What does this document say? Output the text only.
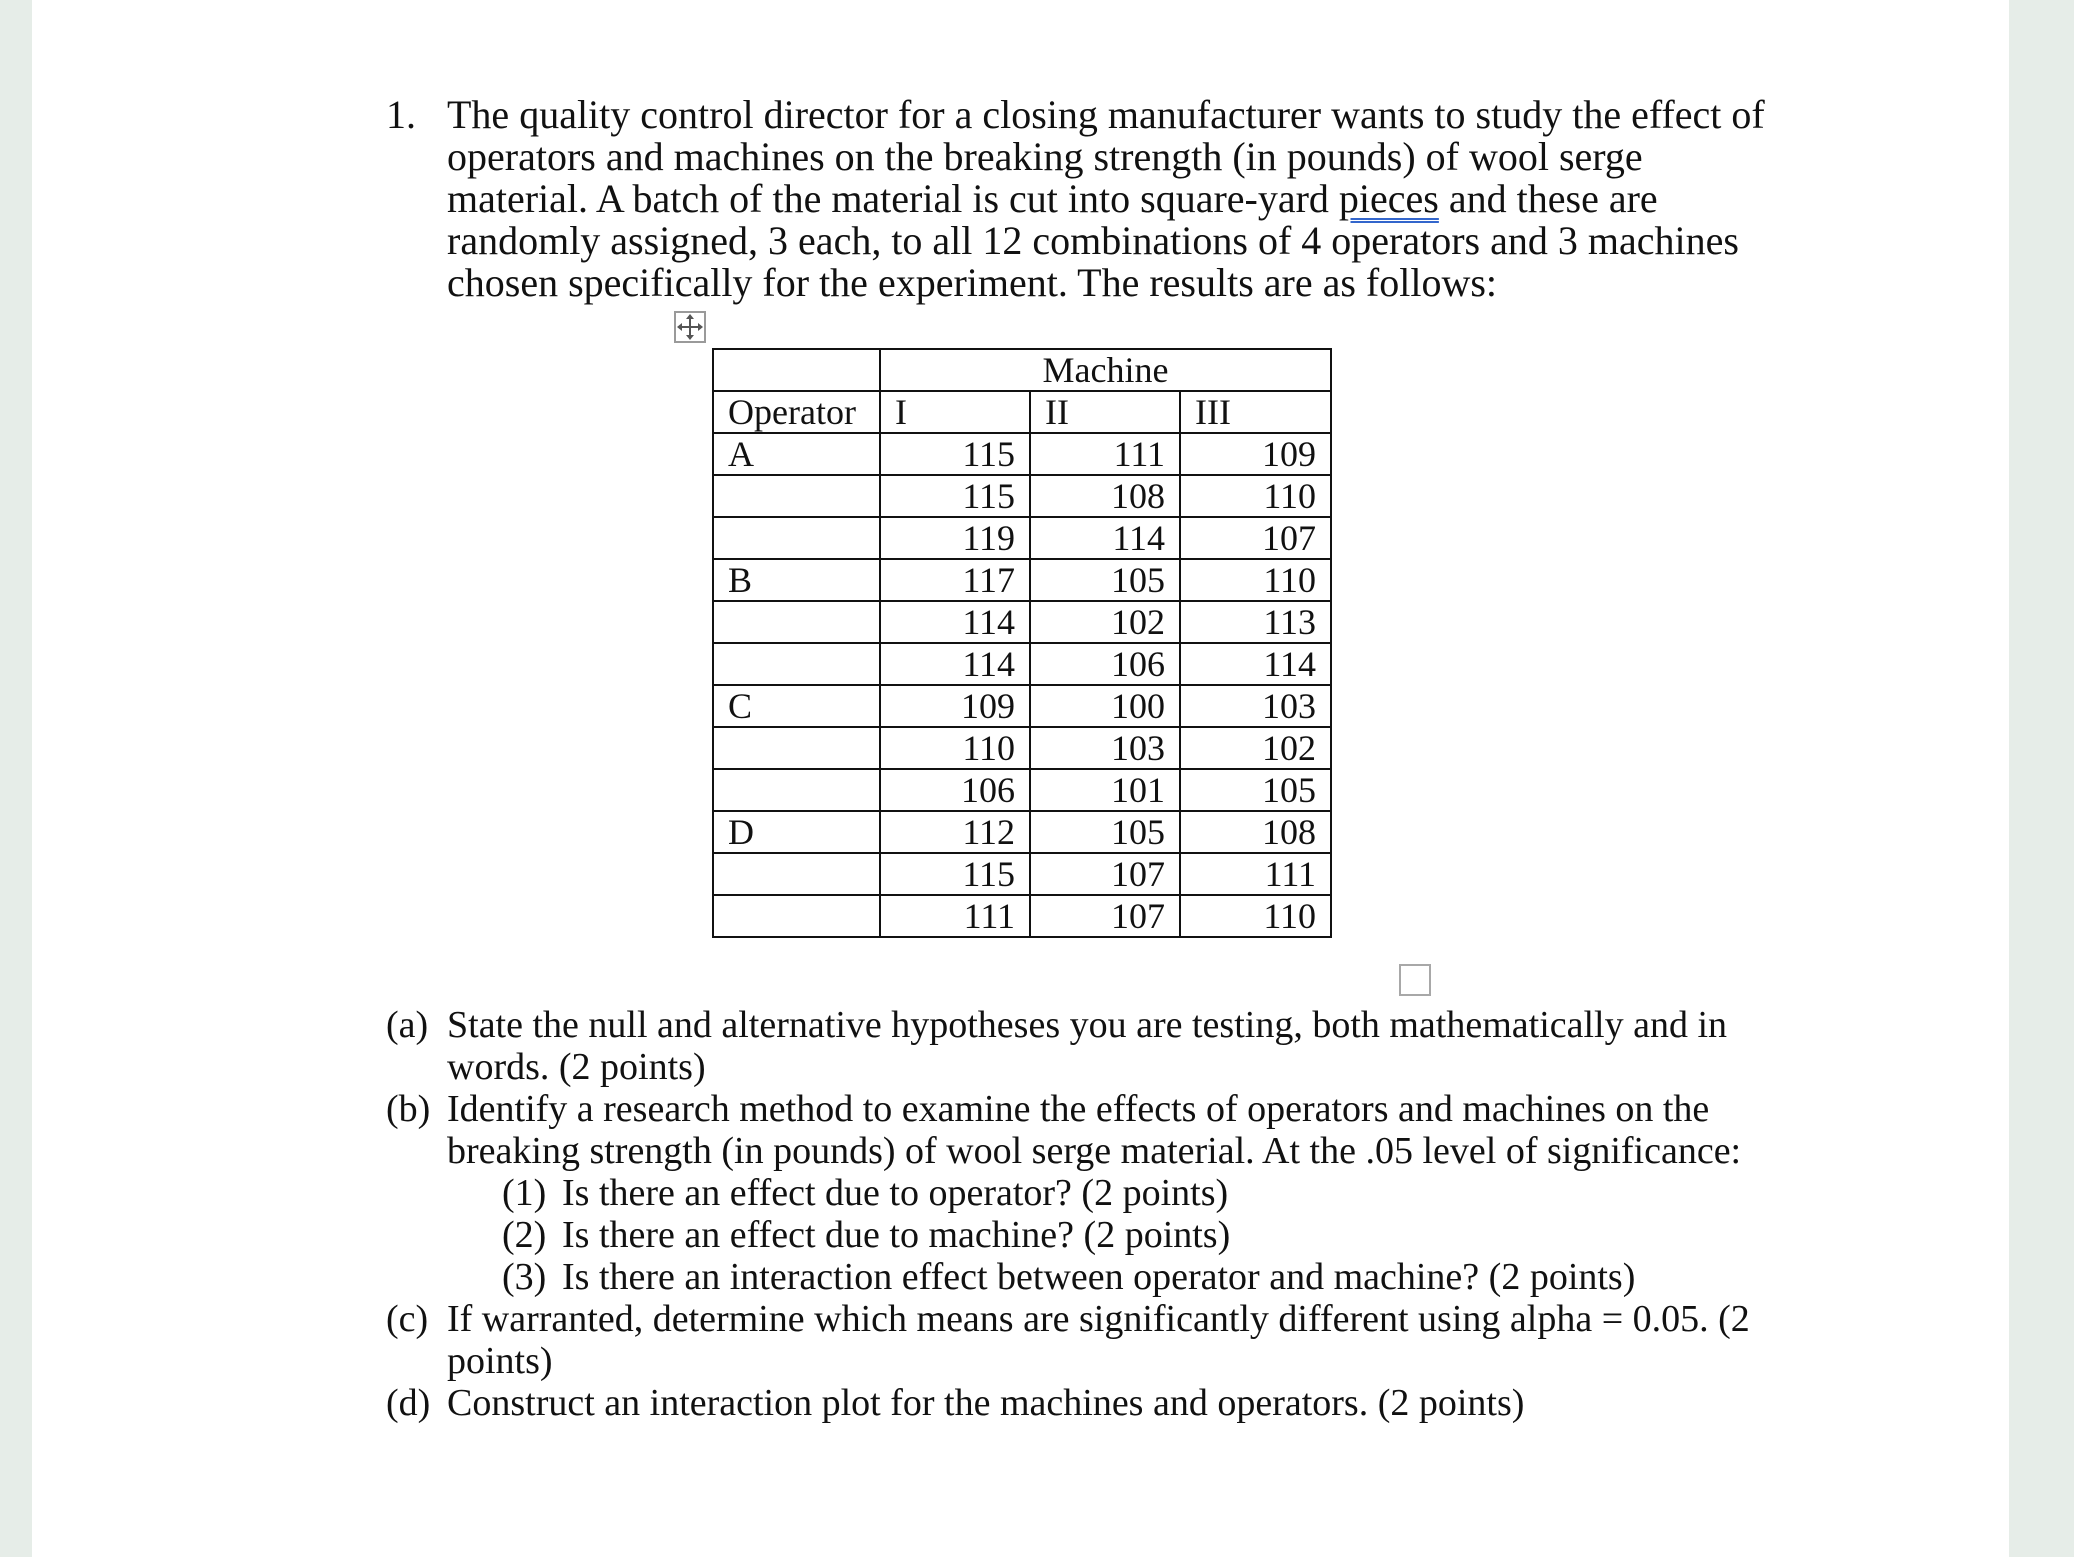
1. The quality control director for a closing manufacturer wants to study the effect of operators and machines on the breaking strength (in pounds) of wool serge material. A batch of the material is cut into square-yard pieces and these are randomly assigned, 3 each, to all 12 combinations of 4 operators and 3 machines chosen specifically for the experiment. The results are as follows:
	Machine		
Operator	I	II	III
A	115	111	109
	115	108	110
	119	114	107
B	117	105	110
	114	102	113
	114	106	114
C	109	100	103
	110	103	102
	106	101	105
D	112	105	108
	115	107	111
	111	107	110
(a) State the null and alternative hypotheses you are testing, both mathematically and in words. (2 points)
(b) Identify a research method to examine the effects of operators and machines on the breaking strength (in pounds) of wool serge material. At the .05 level of significance:
(1) Is there an effect due to operator? (2 points)
(2) Is there an effect due to machine? (2 points)
(3) Is there an interaction effect between operator and machine? (2 points)
(c) If warranted, determine which means are significantly different using alpha = 0.05. (2 points)
(d) Construct an interaction plot for the machines and operators. (2 points)
